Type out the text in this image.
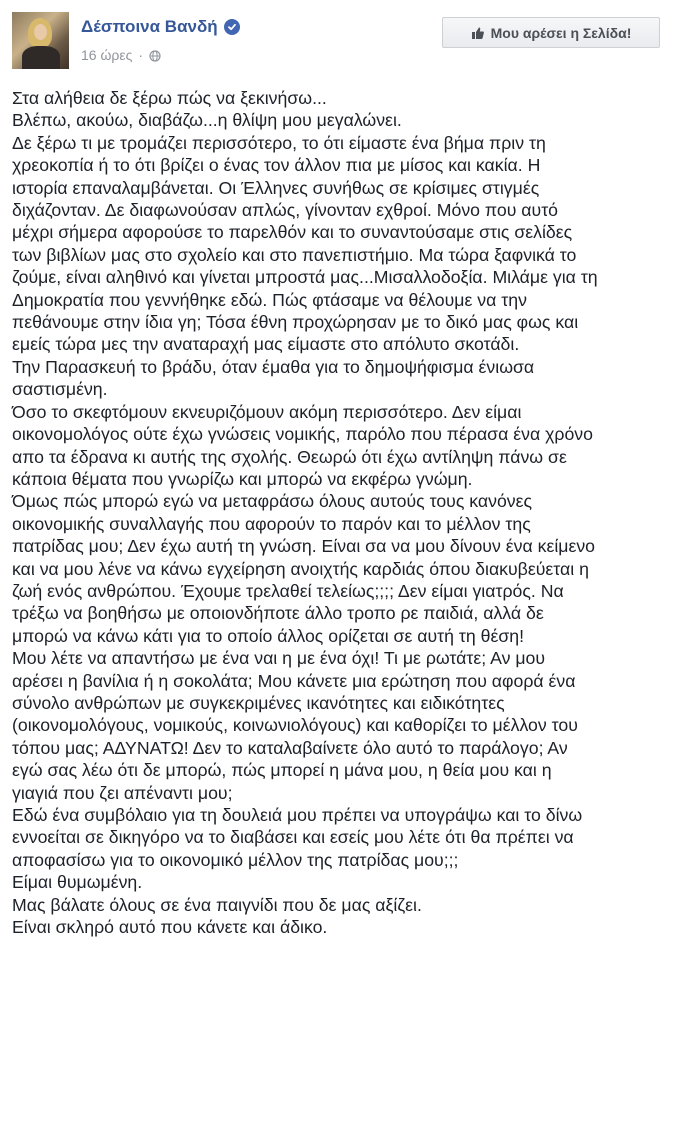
Δέσποινα Βανδή
16 ώρες ·
Μου αρέσει η Σελίδα!

Στα αλήθεια δε ξέρω πώς να ξεκινήσω...

Βλέπω, ακούω, διαβάζω...η θλίψη μου μεγαλώνει.

Δε ξέρω τι με τρομάζει περισσότερο, το ότι είμαστε ένα βήμα πριν τη

χρεοκοπία ή το ότι βρίζει ο ένας τον άλλον πια με μίσος και κακία. Η

ιστορία επαναλαμβάνεται. Οι Έλληνες συνήθως σε κρίσιμες στιγμές

διχάζονταν. Δε διαφωνούσαν απλώς, γίνονταν εχθροί. Μόνο που αυτό

μέχρι σήμερα αφορούσε το παρελθόν και το συναντούσαμε στις σελίδες

των βιβλίων μας στο σχολείο και στο πανεπιστήμιο. Μα τώρα ξαφνικά το

ζούμε, είναι αληθινό και γίνεται μπροστά μας...Μισαλλοδοξία. Μιλάμε για τη

Δημοκρατία που γεννήθηκε εδώ. Πώς φτάσαμε να θέλουμε να την

πεθάνουμε στην ίδια γη; Τόσα έθνη προχώρησαν με το δικό μας φως και

εμείς τώρα μες την αναταραχή μας είμαστε στο απόλυτο σκοτάδι.

Την Παρασκευή το βράδυ, όταν έμαθα για το δημοψήφισμα ένιωσα

σαστισμένη.

Όσο το σκεφτόμουν εκνευριζόμουν ακόμη περισσότερο. Δεν είμαι

οικονομολόγος ούτε έχω γνώσεις νομικής, παρόλο που πέρασα ένα χρόνο

απο τα έδρανα κι αυτής της σχολής. Θεωρώ ότι έχω αντίληψη πάνω σε

κάποια θέματα που γνωρίζω και μπορώ να εκφέρω γνώμη.

Όμως πώς μπορώ εγώ να μεταφράσω όλους αυτούς τους κανόνες

οικονομικής συναλλαγής που αφορούν το παρόν και το μέλλον της

πατρίδας μου; Δεν έχω αυτή τη γνώση. Είναι σα να μου δίνουν ένα κείμενο

και να μου λένε να κάνω εγχείρηση ανοιχτής καρδιάς όπου διακυβεύεται η

ζωή ενός ανθρώπου. Έχουμε τρελαθεί τελείως;;;; Δεν είμαι γιατρός. Να

τρέξω να βοηθήσω με οποιονδήποτε άλλο τροπο ρε παιδιά, αλλά δε

μπορώ να κάνω κάτι για το οποίο άλλος ορίζεται σε αυτή τη θέση!

Μου λέτε να απαντήσω με ένα ναι η με ένα όχι! Τι με ρωτάτε; Αν μου

αρέσει η βανίλια ή η σοκολάτα; Μου κάνετε μια ερώτηση που αφορά ένα

σύνολο ανθρώπων με συγκεκριμένες ικανότητες και ειδικότητες

(οικονομολόγους, νομικούς, κοινωνιολόγους) και καθορίζει το μέλλον του

τόπου μας; ΑΔΥΝΑΤΩ! Δεν το καταλαβαίνετε όλο αυτό το παράλογο; Αν

εγώ σας λέω ότι δε μπορώ, πώς μπορεί η μάνα μου, η θεία μου και η

γιαγιά που ζει απέναντι μου;

Εδώ ένα συμβόλαιο για τη δουλειά μου πρέπει να υπογράψω και το δίνω

εννοείται σε δικηγόρο να το διαβάσει και εσείς μου λέτε ότι θα πρέπει να

αποφασίσω για το οικονομικό μέλλον της πατρίδας μου;;;

Είμαι θυμωμένη.

Μας βάλατε όλους σε ένα παιγνίδι που δε μας αξίζει.

Είναι σκληρό αυτό που κάνετε και άδικο.
